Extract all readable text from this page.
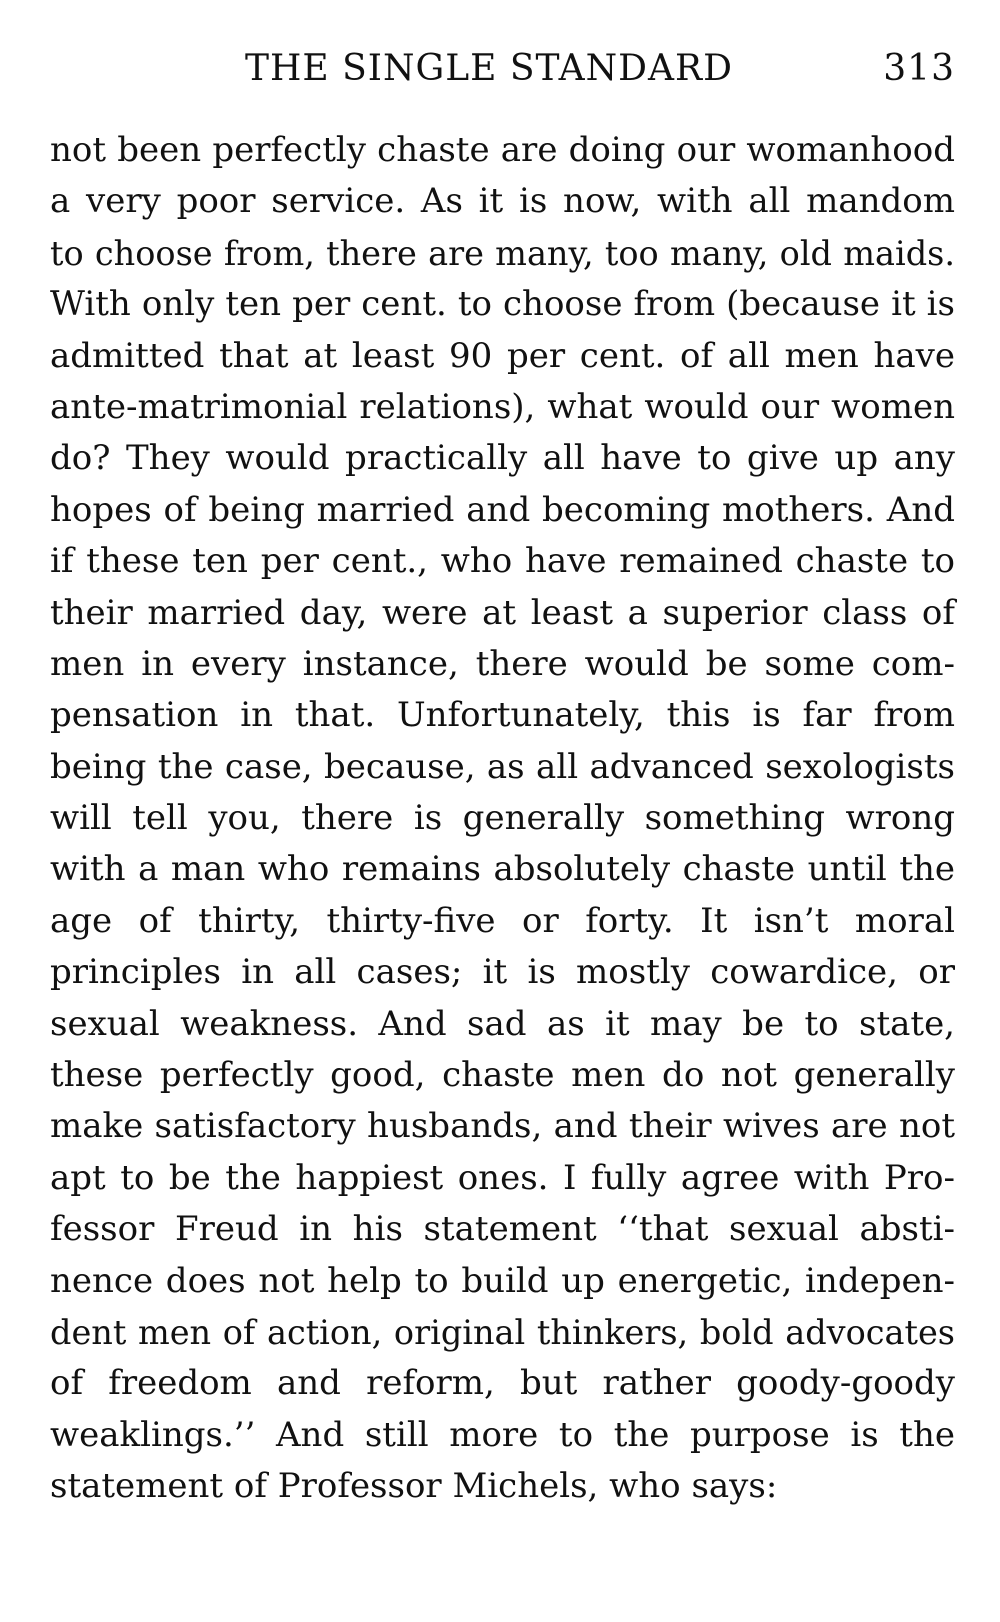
THE SINGLE STANDARD	313
not been perfectly chaste are doing our womanhood
a very poor service. As it is now, with all mandom
to choose from, there are many, too many, old maids.
With only ten per cent. to choose from (because it is
admitted that at least 90 per cent. of all men have
ante-matrimonial relations), what would our women
do? They would practically all have to give up any
hopes of being married and becoming mothers. And
if these ten per cent., who have remained chaste to
their married day, were at least a superior class of
men in every instance, there would be some com-
pensation in that. Unfortunately, this is far from
being the case, because, as all advanced sexologists
will tell you, there is generally something wrong
with a man who remains absolutely chaste until the
age of thirty, thirty-five or forty. It isn’t moral
principles in all cases; it is mostly cowardice, or
sexual weakness. And sad as it may be to state,
these perfectly good, chaste men do not generally
make satisfactory husbands, and their wives are not
apt to be the happiest ones. I fully agree with Pro-
fessor Freud in his statement ‘‘that sexual absti-
nence does not help to build up energetic, indepen-
dent men of action, original thinkers, bold advocates
of freedom and reform, but rather goody-goody
weaklings.’’ And still more to the purpose is the
statement of Professor Michels, who says:
